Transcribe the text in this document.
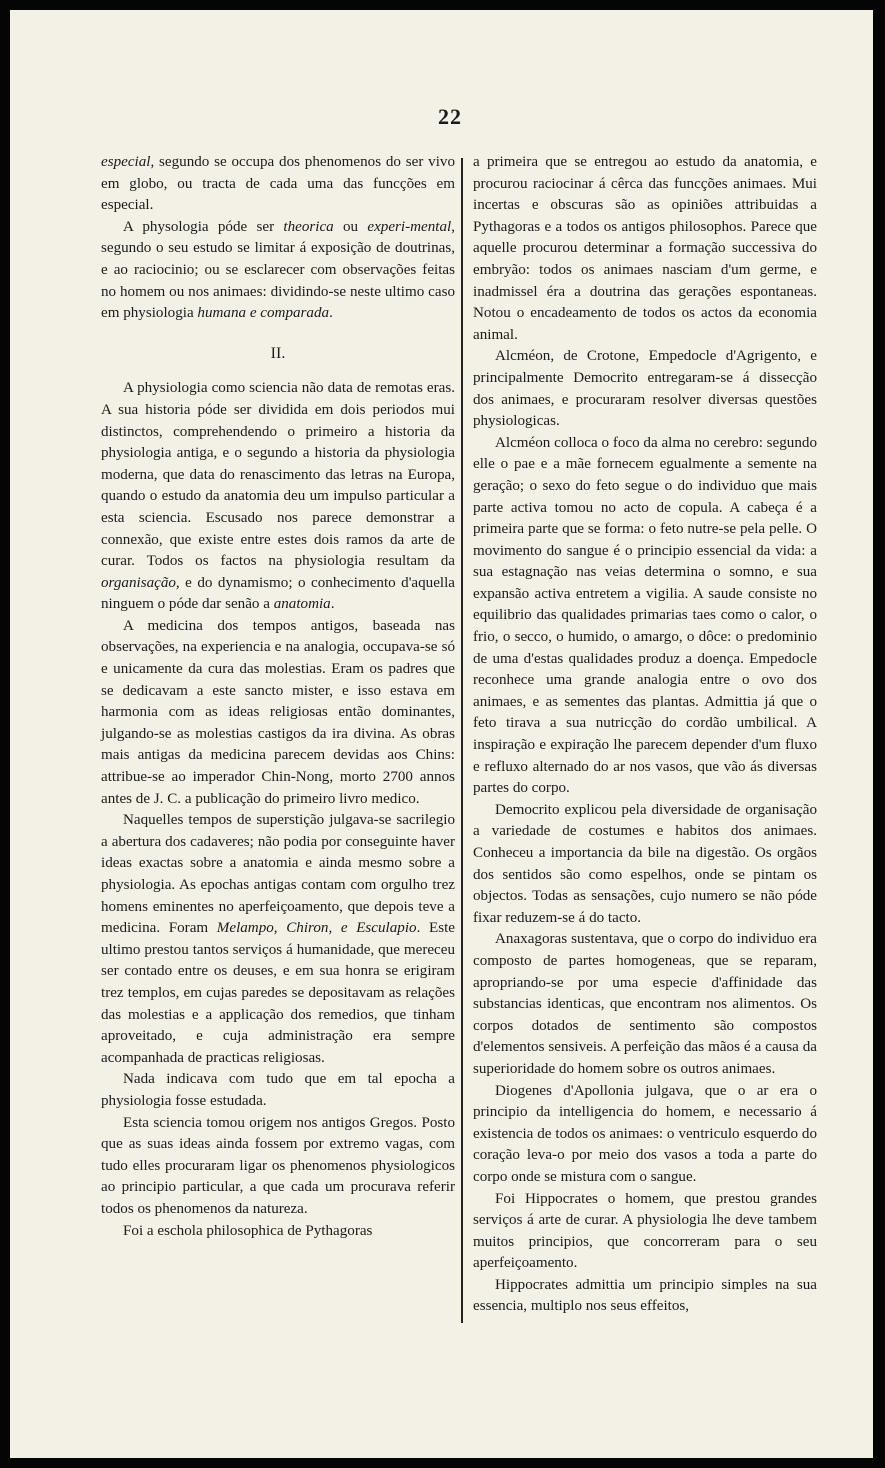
22

especial, segundo se occupa dos phenomenos do ser vivo em globo, ou tracta de cada uma das funcções em especial.

A physologia póde ser theorica ou experi-mental, segundo o seu estudo se limitar á exposição de doutrinas, e ao raciocinio; ou se esclarecer com observações feitas no homem ou nos animaes: dividindo-se neste ultimo caso em physiologia humana e comparada.

II.

A physiologia como sciencia não data de remotas eras. A sua historia póde ser dividida em dois periodos mui distinctos, comprehendendo o primeiro a historia da physiologia antiga, e o segundo a historia da physiologia moderna, que data do renascimento das letras na Europa, quando o estudo da anatomia deu um impulso particular a esta sciencia. Escusado nos parece demonstrar a connexão, que existe entre estes dois ramos da arte de curar. Todos os factos na physiologia resultam da organisação, e do dynamismo; o conhecimento d'aquella ninguem o póde dar senão a anatomia.

A medicina dos tempos antigos, baseada nas observações, na experiencia e na analogia, occupava-se só e unicamente da cura das molestias. Eram os padres que se dedicavam a este sancto mister, e isso estava em harmonia com as ideas religiosas então dominantes, julgando-se as molestias castigos da ira divina. As obras mais antigas da medicina parecem devidas aos Chins: attribue-se ao imperador Chin-Nong, morto 2700 annos antes de J. C. a publicação do primeiro livro medico.

Naquelles tempos de superstição julgava-se sacrilegio a abertura dos cadaveres; não podia por conseguinte haver ideas exactas sobre a anatomia e ainda mesmo sobre a physiologia. As epochas antigas contam com orgulho trez homens eminentes no aperfeiçoamento, que depois teve a medicina. Foram Melampo, Chiron, e Esculapio. Este ultimo prestou tantos serviços á humanidade, que mereceu ser contado entre os deuses, e em sua honra se erigiram trez templos, em cujas paredes se depositavam as relações das molestias e a applicação dos remedios, que tinham aproveitado, e cuja administração era sempre acompanhada de practicas religiosas.

Nada indicava com tudo que em tal epocha a physiologia fosse estudada.

Esta sciencia tomou origem nos antigos Gregos. Posto que as suas ideas ainda fossem por extremo vagas, com tudo elles procuraram ligar os phenomenos physiologicos ao principio particular, a que cada um procurava referir todos os phenomenos da natureza.

Foi a eschola philosophica de Pythagoras

a primeira que se entregou ao estudo da anatomia, e procurou raciocinar á cêrca das funcções animaes. Mui incertas e obscuras são as opiniões attribuidas a Pythagoras e a todos os antigos philosophos. Parece que aquelle procurou determinar a formação successiva do embryão: todos os animaes nasciam d'um germe, e inadmissel éra a doutrina das gerações espontaneas. Notou o encadeamento de todos os actos da economia animal.

Alcméon, de Crotone, Empedocle d'Agrigento, e principalmente Democrito entregaram-se á dissecção dos animaes, e procuraram resolver diversas questões physiologicas.

Alcméon colloca o foco da alma no cerebro: segundo elle o pae e a mãe fornecem egualmente a semente na geração; o sexo do feto segue o do individuo que mais parte activa tomou no acto de copula. A cabeça é a primeira parte que se forma: o feto nutre-se pela pelle. O movimento do sangue é o principio essencial da vida: a sua estagnação nas veias determina o somno, e sua expansão activa entretem a vigilia. A saude consiste no equilibrio das qualidades primarias taes como o calor, o frio, o secco, o humido, o amargo, o dôce: o predominio de uma d'estas qualidades produz a doença. Empedocle reconhece uma grande analogia entre o ovo dos animaes, e as sementes das plantas. Admittia já que o feto tirava a sua nutricção do cordão umbilical. A inspiração e expiração lhe parecem depender d'um fluxo e refluxo alternado do ar nos vasos, que vão ás diversas partes do corpo.

Democrito explicou pela diversidade de organisação a variedade de costumes e habitos dos animaes. Conheceu a importancia da bile na digestão. Os orgãos dos sentidos são como espelhos, onde se pintam os objectos. Todas as sensações, cujo numero se não póde fixar reduzem-se á do tacto.

Anaxagoras sustentava, que o corpo do individuo era composto de partes homogeneas, que se reparam, apropriando-se por uma especie d'affinidade das substancias identicas, que encontram nos alimentos. Os corpos dotados de sentimento são compostos d'elementos sensiveis. A perfeição das mãos é a causa da superioridade do homem sobre os outros animaes.

Diogenes d'Apollonia julgava, que o ar era o principio da intelligencia do homem, e necessario á existencia de todos os animaes: o ventriculo esquerdo do coração leva-o por meio dos vasos a toda a parte do corpo onde se mistura com o sangue.

Foi Hippocrates o homem, que prestou grandes serviços á arte de curar. A physiologia lhe deve tambem muitos principios, que concorreram para o seu aperfeiçoamento.

Hippocrates admittia um principio simples na sua essencia, multiplo nos seus effeitos,
